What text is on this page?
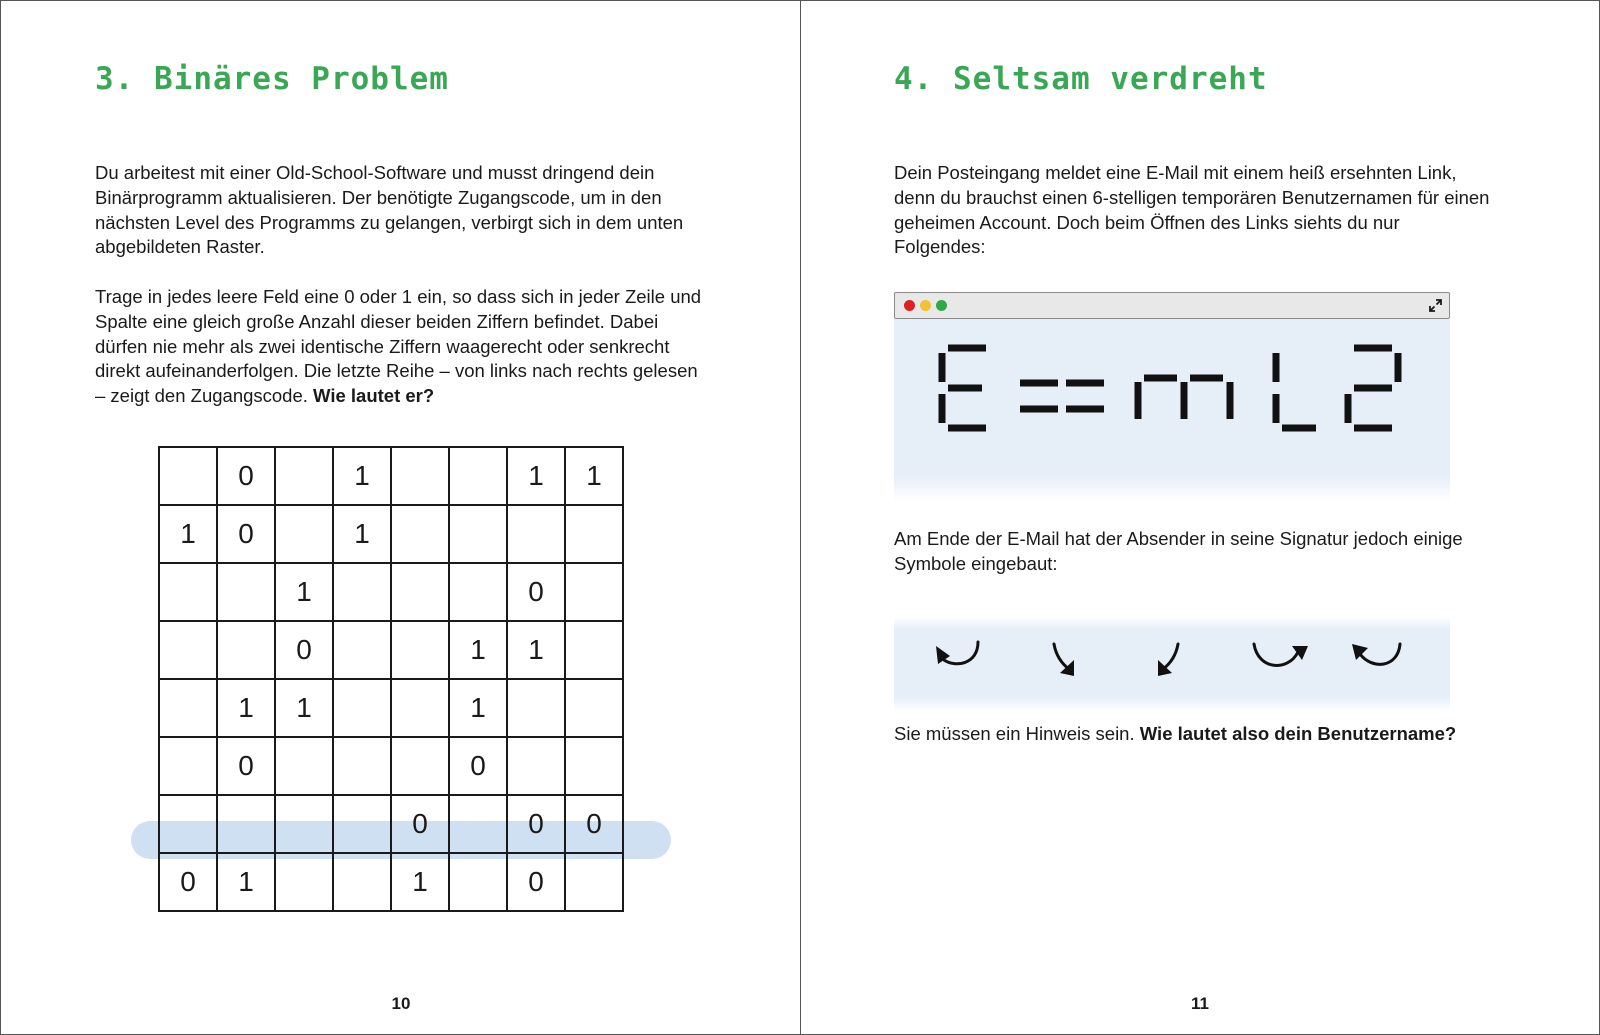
3. Binäres Problem

Du arbeitest mit einer Old-School-Software und musst dringend dein Binärprogramm aktualisieren. Der benötigte Zugangscode, um in den nächsten Level des Programms zu gelangen, verbirgt sich in dem unten abgebildeten Raster.

Trage in jedes leere Feld eine 0 oder 1 ein, so dass sich in jeder Zeile und Spalte eine gleich große Anzahl dieser beiden Ziffern befindet. Dabei dürfen nie mehr als zwei identische Ziffern waagerecht oder senkrecht direkt aufeinanderfolgen. Die letzte Reihe – von links nach rechts gelesen – zeigt den Zugangscode. Wie lautet er?

	0		1			1	1
1	0		1				
		1				0	
		0			1	1	
	1	1			1		
	0				0		
				0		0	0
0	1			1		0	
10
4. Seltsam verdreht

Dein Posteingang meldet eine E-Mail mit einem heiß ersehnten Link, denn du brauchst einen 6-stelligen temporären Benutzernamen für einen geheimen Account. Doch beim Öffnen des Links siehts du nur Folgendes:

Am Ende der E-Mail hat der Absender in seine Signatur jedoch einige Symbole eingebaut:

Sie müssen ein Hinweis sein. Wie lautet also dein Benutzername?

11
